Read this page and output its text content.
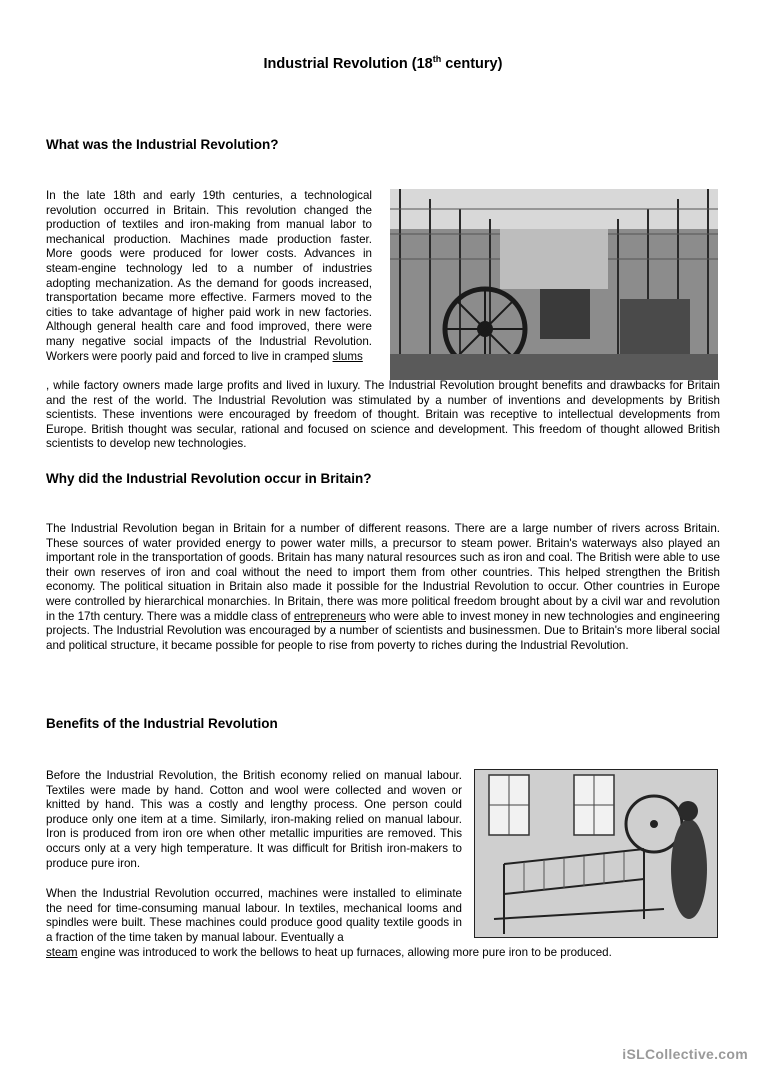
Industrial Revolution (18th century)
What was the Industrial Revolution?

In the late 18th and early 19th centuries, a technological revolution occurred in Britain. This revolution changed the production of textiles and iron-making from manual labor to mechanical production. Machines made production faster. More goods were produced for lower costs. Advances in steam-engine technology led to a number of industries adopting mechanization. As the demand for goods increased, transportation became more effective. Farmers moved to the cities to take advantage of higher paid work in new factories. Although general health care and food improved, there were many negative social impacts of the Industrial Revolution. Workers were poorly paid and forced to live in cramped slums

, while factory owners made large profits and lived in luxury. The Industrial Revolution brought benefits and drawbacks for Britain and the rest of the world. The Industrial Revolution was stimulated by a number of inventions and developments by British scientists. These inventions were encouraged by freedom of thought. Britain was receptive to intellectual developments from Europe. British thought was secular, rational and focused on science and development. This freedom of thought allowed British scientists to develop new technologies.

Why did the Industrial Revolution occur in Britain?

The Industrial Revolution began in Britain for a number of different reasons. There are a large number of rivers across Britain. These sources of water provided energy to power water mills, a precursor to steam power. Britain's waterways also played an important role in the transportation of goods. Britain has many natural resources such as iron and coal. The British were able to use their own reserves of iron and coal without the need to import them from other countries. This helped strengthen the British economy. The political situation in Britain also made it possible for the Industrial Revolution to occur. Other countries in Europe were controlled by hierarchical monarchies. In Britain, there was more political freedom brought about by a civil war and revolution in the 17th century. There was a middle class of entrepreneurs who were able to invest money in new technologies and engineering projects. The Industrial Revolution was encouraged by a number of scientists and businessmen. Due to Britain's more liberal social and political structure, it became possible for people to rise from poverty to riches during the Industrial Revolution.

Benefits of the Industrial Revolution

Before the Industrial Revolution, the British economy relied on manual labour. Textiles were made by hand. Cotton and wool were collected and woven or knitted by hand. This was a costly and lengthy process. One person could produce only one item at a time. Similarly, iron-making relied on manual labour. Iron is produced from iron ore when other metallic impurities are removed. This occurs only at a very high temperature. It was difficult for British iron-makers to produce pure iron.

When the Industrial Revolution occurred, machines were installed to eliminate the need for time-consuming manual labour. In textiles, mechanical looms and spindles were built. These machines could produce good quality textile goods in a fraction of the time taken by manual labour. Eventually a

steam engine was introduced to work the bellows to heat up furnaces, allowing more pure iron to be produced.

iSLCollective.com
